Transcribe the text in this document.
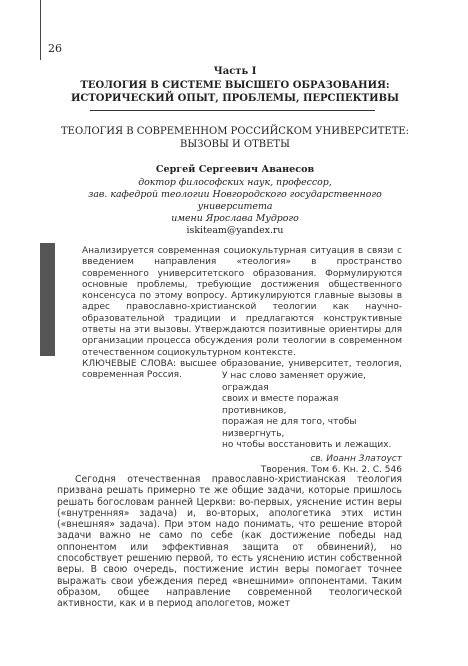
26
Часть I
ТЕОЛОГИЯ В СИСТЕМЕ ВЫСШЕГО ОБРАЗОВАНИЯ:
ИСТОРИЧЕСКИЙ ОПЫТ, ПРОБЛЕМЫ, ПЕРСПЕКТИВЫ
ТЕОЛОГИЯ В СОВРЕМЕННОМ РОССИЙСКОМ УНИВЕРСИТЕТЕ:
ВЫЗОВЫ И ОТВЕТЫ
Сергей Сергеевич Аванесов
доктор философских наук, профессор,
зав. кафедрой теологии Новгородского государственного университета
имени Ярослава Мудрого
iskiteam@yandex.ru

Анализируется современная социокультурная ситуация в связи с введением направления «теология» в пространство современного университетского образования. Формулируются основные проблемы, требующие достижения общественного консенсуса по этому вопросу. Артикулируются главные вызовы в адрес православно-христианской теологии как научно-образовательной традиции и предлагаются конструктивные ответы на эти вызовы. Утверждаются позитивные ориентиры для организации процесса обсуждения роли теологии в современном отечественном социокультурном контексте.

КЛЮЧЕВЫЕ СЛОВА: высшее образование, университет, теология, современная Россия.	У нас слово заменяет оружие, ограждая

своих и вместе поражая противников,

поражая не для того, чтобы низвергнуть,

но чтобы восстановить и лежащих.

св. Иоанн Златоуст

Творения. Том 6. Кн. 2. С. 546

Сегодня отечественная православно-христианская теология призвана решать примерно те же общие задачи, которые пришлось решать богословам ранней Церкви: во-первых, уяснение истин веры («внутренняя» задача) и, во-вторых, апологетика этих истин («внешняя» задача). При этом надо понимать, что решение второй задачи важно не само по себе (как достижение победы над оппонентом или эффективная защита от обвинений), но способствует решению первой, то есть уяснению истин собственной веры. В свою очередь, постижение истин веры помогает точнее выражать свои убеждения перед «внешними» оппонентами. Таким образом, общее направление современной теологической активности, как и в период апологетов, может
